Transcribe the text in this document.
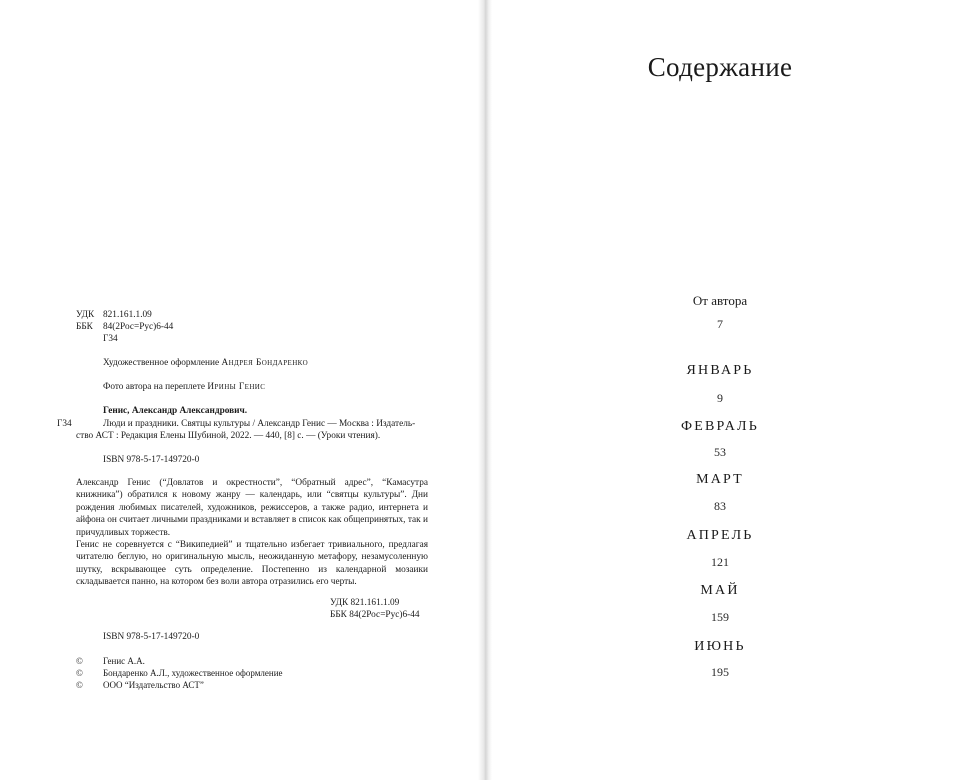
УДК 821.161.1.09
ББК 84(2Рос=Рус)6-44
Г34
Художественное оформление Андрея Бондаренко
Фото автора на переплете Ирины Генис
Генис, Александр Александрович.
Г34	Люди и праздники. Святцы культуры / Александр Генис — Москва : Издатель-
ство АСТ : Редакция Елены Шубиной, 2022. — 440, [8] с. — (Уроки чтения).
ISBN 978-5-17-149720-0

Александр Генис (“Довлатов и окрестности”, “Обратный адрес”, “Камасутра книжника”) обратился к новому жанру — календарь, или “святцы культуры”. Дни рождения любимых писателей, художников, режиссеров, а также радио, интернета и айфона он считает личными праздниками и вставляет в список как общепринятых, так и причудливых торжеств.

Генис не соревнуется с “Википедией” и тщательно избегает тривиального, предлагая читателю беглую, но оригинальную мысль, неожиданную метафору, незамусоленную шутку, вскрывающее суть определение. Постепенно из календарной мозаики складывается панно, на котором без воли автора отразились его черты.

УДК 821.161.1.09
ББК 84(2Рос=Рус)6-44
ISBN 978-5-17-149720-0
© Генис А.А.
© Бондаренко А.Л., художественное оформление
© ООО “Издательство АСТ”
Содержание
От автора
7
ЯНВАРЬ
9
ФЕВРАЛЬ
53
МАРТ
83
АПРЕЛЬ
121
МАЙ
159
ИЮНЬ
195
